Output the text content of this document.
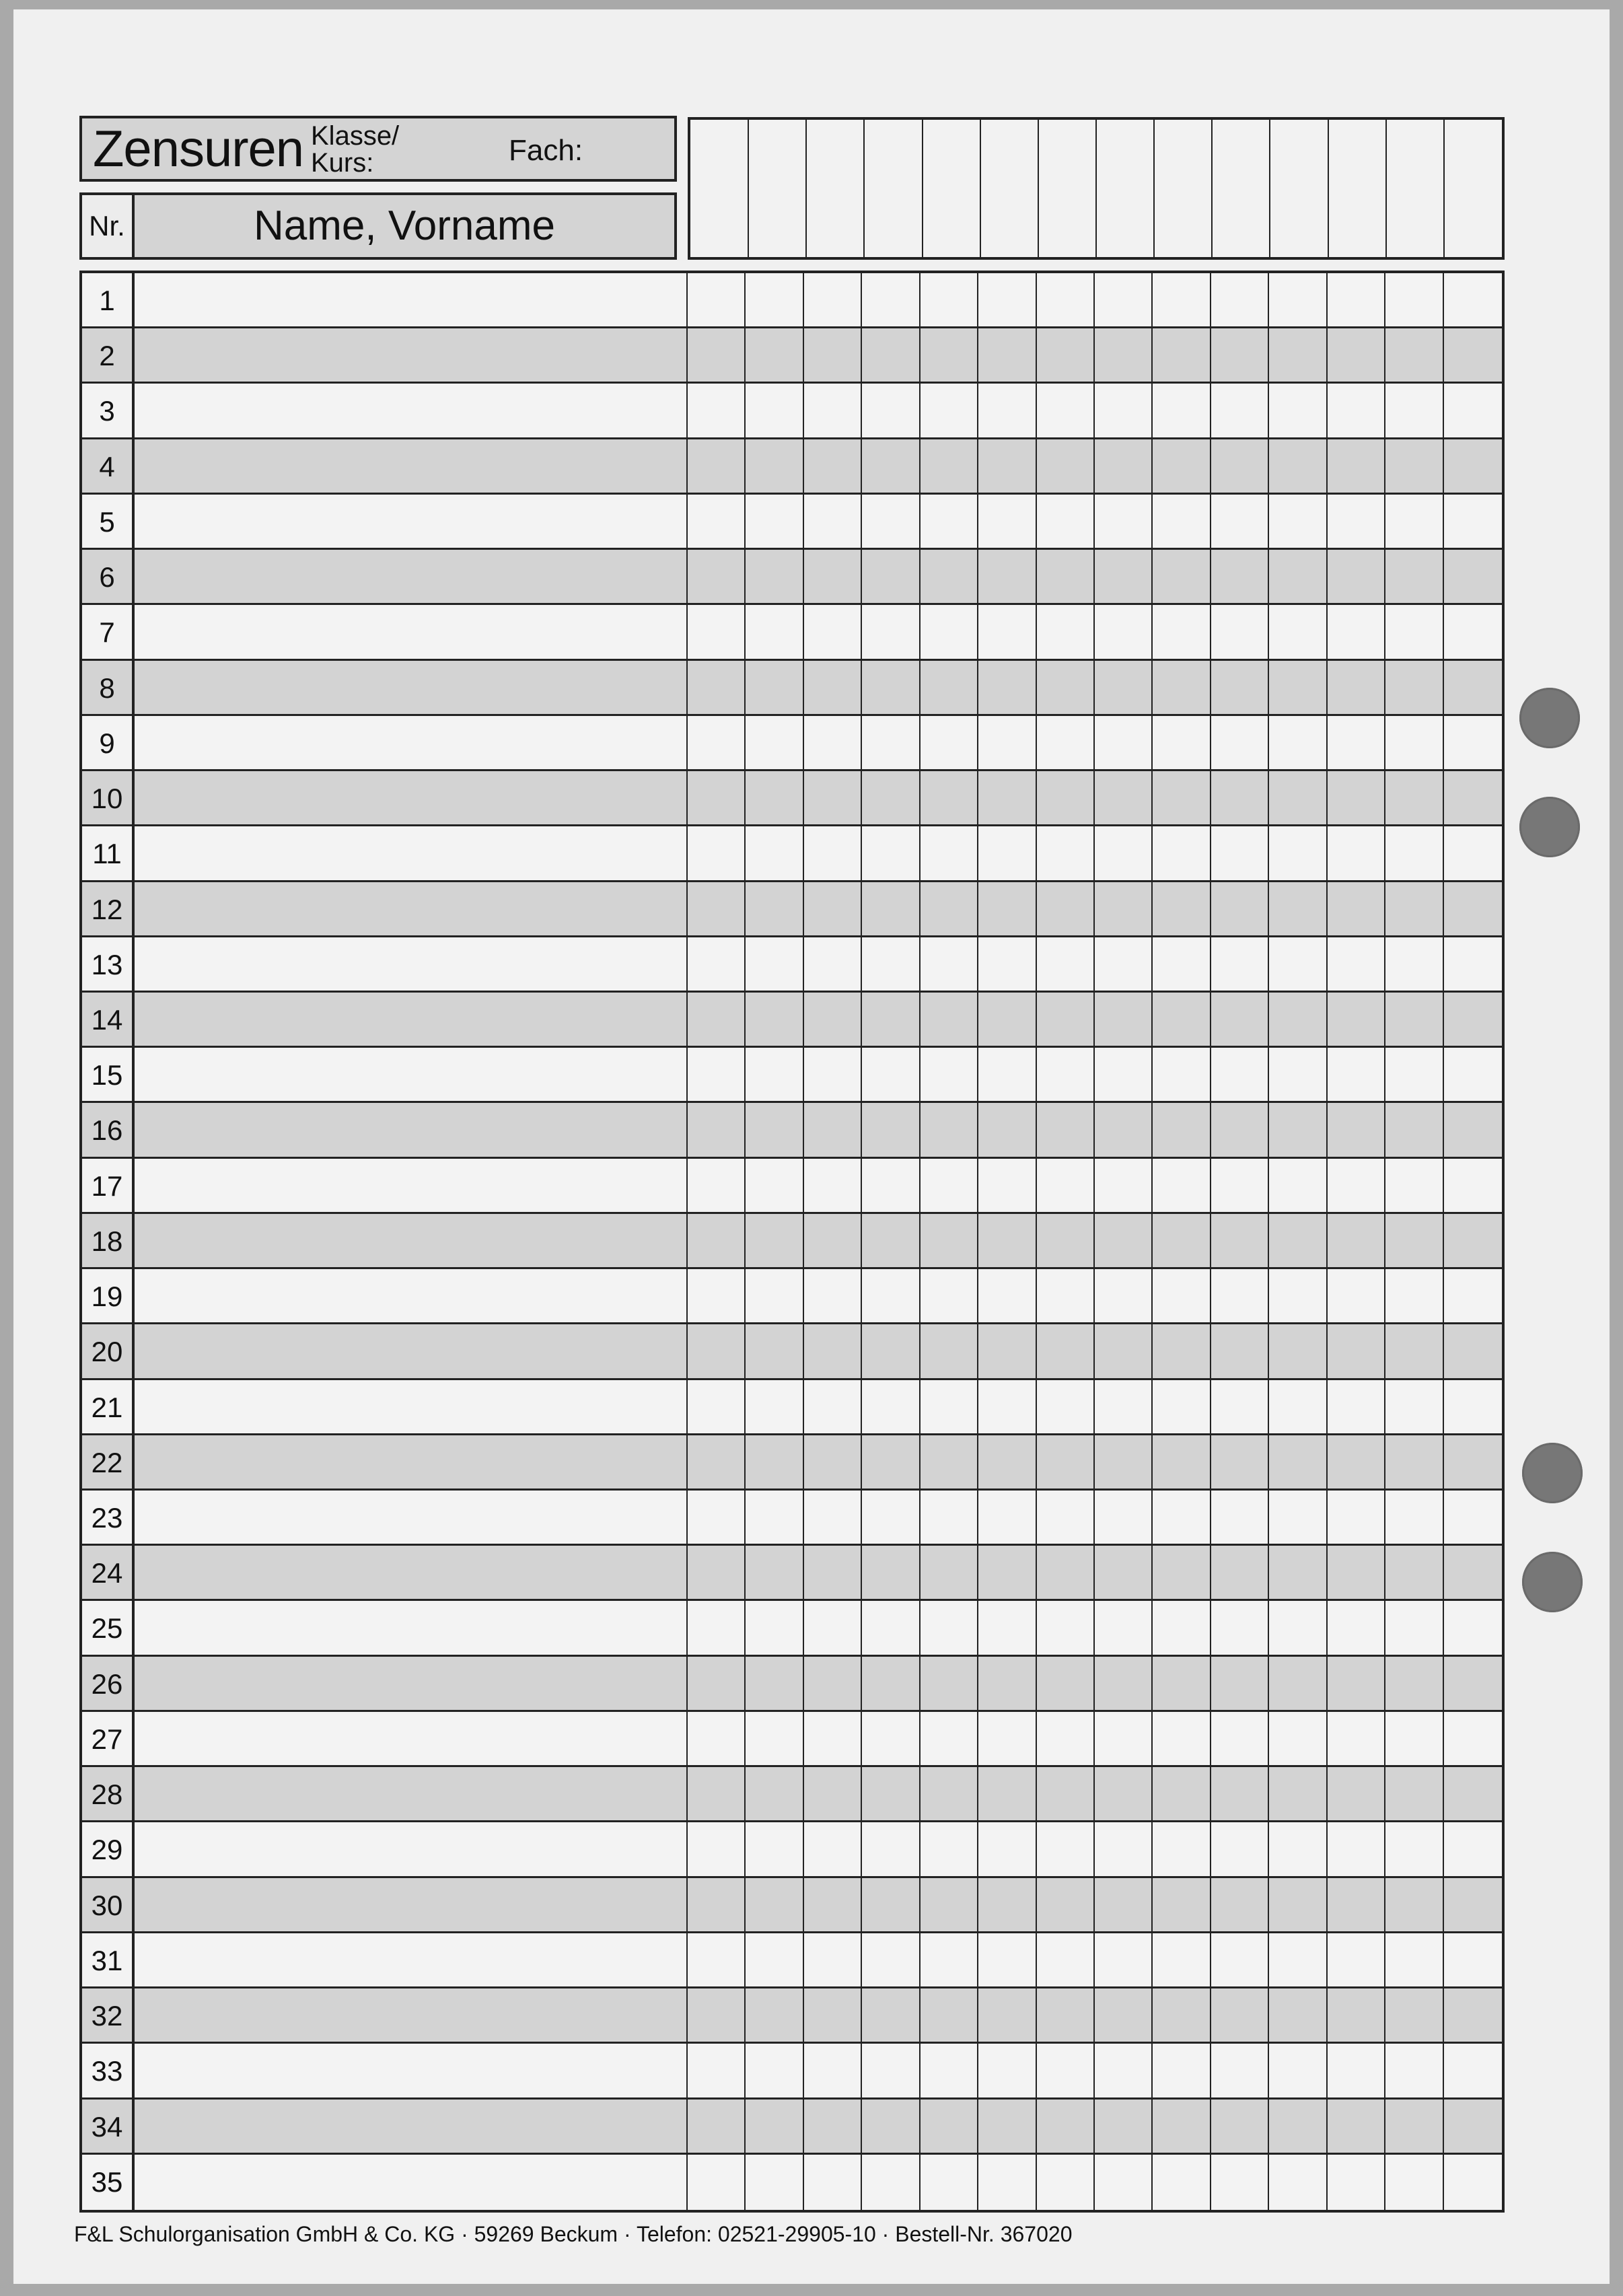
Zensuren Klasse/
Kurs:	Fach:
Nr.	Name, Vorname
1
2
3
4
5
6
7
8
9
10
11
12
13
14
15
16
17
18
19
20
21
22
23
24
25
26
27
28
29
30
31
32
33
34
35
F&L Schulorganisation GmbH & Co. KG · 59269 Beckum · Telefon: 02521-29905-10 · Bestell-Nr. 367020
